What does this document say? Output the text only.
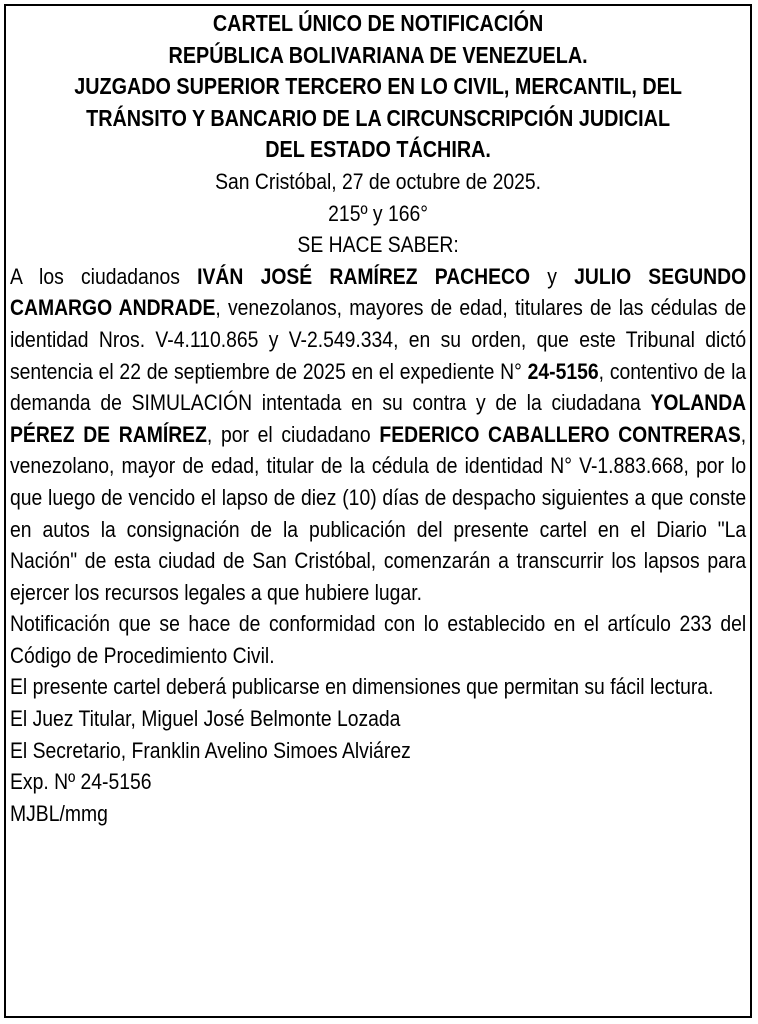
CARTEL ÚNICO DE NOTIFICACIÓN

REPÚBLICA BOLIVARIANA DE VENEZUELA.

JUZGADO SUPERIOR TERCERO EN LO CIVIL, MERCANTIL, DEL

TRÁNSITO Y BANCARIO DE LA CIRCUNSCRIPCIÓN JUDICIAL

DEL ESTADO TÁCHIRA.

San Cristóbal, 27 de octubre de 2025.

215º y 166°

SE HACE SABER:

A los ciudadanos IVÁN JOSÉ RAMÍREZ PACHECO y JULIO SEGUNDO CAMARGO ANDRADE, venezolanos, mayores de edad, titulares de las cédulas de identidad Nros. V-4.110.865 y V-2.549.334, en su orden, que este Tribunal dictó sentencia el 22 de septiembre de 2025 en el expediente N° 24-5156, contentivo de la demanda de SIMULACIÓN intentada en su contra y de la ciudadana YOLANDA PÉREZ DE RAMÍREZ, por el ciudadano FEDERICO CABALLERO CONTRERAS, venezolano, mayor de edad, titular de la cédula de identidad N° V-1.883.668, por lo que luego de vencido el lapso de diez (10) días de despacho siguientes a que conste en autos la consignación de la publicación del presente cartel en el Diario "La Nación" de esta ciudad de San Cristóbal, comenzarán a transcurrir los lapsos para ejercer los recursos legales a que hubiere lugar.

Notificación que se hace de conformidad con lo establecido en el artículo 233 del Código de Procedimiento Civil.

El presente cartel deberá publicarse en dimensiones que permitan su fácil lectura.

El Juez Titular, Miguel José Belmonte Lozada

El Secretario, Franklin Avelino Simoes Alviárez

Exp. Nº 24-5156

MJBL/mmg
